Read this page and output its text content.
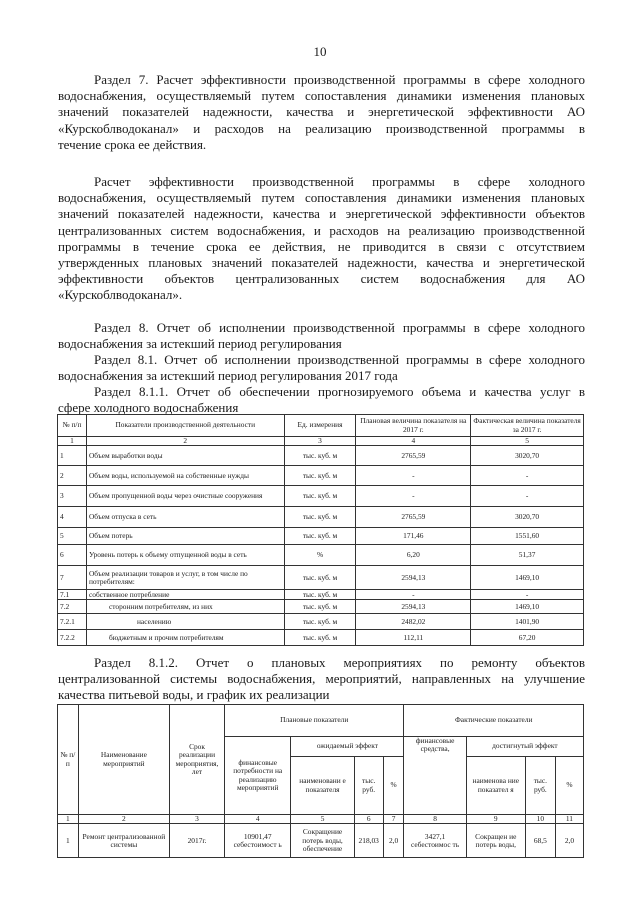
10
Раздел 7. Расчет эффективности производственной программы в сфере холодного
водоснабжения, осуществляемый путем сопоставления динамики изменения плановых
значений показателей надежности, качества и энергетической эффективности АО
«Курскоблводоканал» и расходов на реализацию производственной программы в
течение срока ее действия.
Расчет эффективности производственной программы в сфере холодного
водоснабжения, осуществляемый путем сопоставления динамики изменения плановых
значений показателей надежности, качества и энергетической эффективности объектов
централизованных систем водоснабжения, и расходов на реализацию производственной
программы в течение срока ее действия, не приводится в связи с отсутствием
утвержденных плановых значений показателей надежности, качества и энергетической
эффективности объектов централизованных систем водоснабжения для АО
«Курскоблводоканал».
Раздел 8. Отчет об исполнении производственной программы в сфере холодного
водоснабжения за истекший период регулирования
Раздел 8.1. Отчет об исполнении производственной программы в сфере холодного
водоснабжения за истекший период регулирования 2017 года
Раздел 8.1.1. Отчет об обеспечении прогнозируемого объема и качества услуг в
сфере холодного водоснабжения
№ п/п	Показатели производственной деятельности	Ед. измерения	Плановая величина показателя на 2017 г.	Фактическая величина показателя за 2017 г.
1	2	3	4	5
1	Объем выработки воды	тыс. куб. м	2765,59	3020,70
2	Объем воды, используемой на собственные нужды	тыс. куб. м	-	-
3	Объем пропущенной воды через очистные сооружения	тыс. куб. м	-	-
4	Объем отпуска в сеть	тыс. куб. м	2765,59	3020,70
5	Объем потерь	тыс. куб. м	171,46	1551,60
6	Уровень потерь к объему отпущенной воды в сеть	%	6,20	51,37
7	Объем реализации товаров и услуг, в том числе по потребителям:	тыс. куб. м	2594,13	1469,10
7.1	собственное потребление	тыс. куб. м	-	-
7.2	сторонним потребителям, из них	тыс. куб. м	2594,13	1469,10
7.2.1	населению	тыс. куб. м	2482,02	1401,90
7.2.2	бюджетным и прочим потребителям	тыс. куб. м	112,11	67,20
Раздел 8.1.2. Отчет о плановых мероприятиях по ремонту объектов
централизованной системы водоснабжения, мероприятий, направленных на улучшение
качества питьевой воды, и график их реализации
№ п/п	Наименование мероприятий	Срок реализации мероприятия, лет	Плановые показатели				Фактические показатели			
			финансовые потребности на реализацию мероприятий	ожидаемый эффект			финансовые средства,	достигнутый эффект		
				наименовани е показателя	тыс. руб.	%		наименова ние показател я	тыс. руб.	%
1	2	3	4	5	6	7	8	9	10	11
1	Ремонт централизованной системы	2017г.	10901,47 себестоимост ь	Сокращение потерь воды, обеспечение	218,03	2,0	3427,1 себестоимос ть	Сокращен ие потерь воды,	68,5	2,0
